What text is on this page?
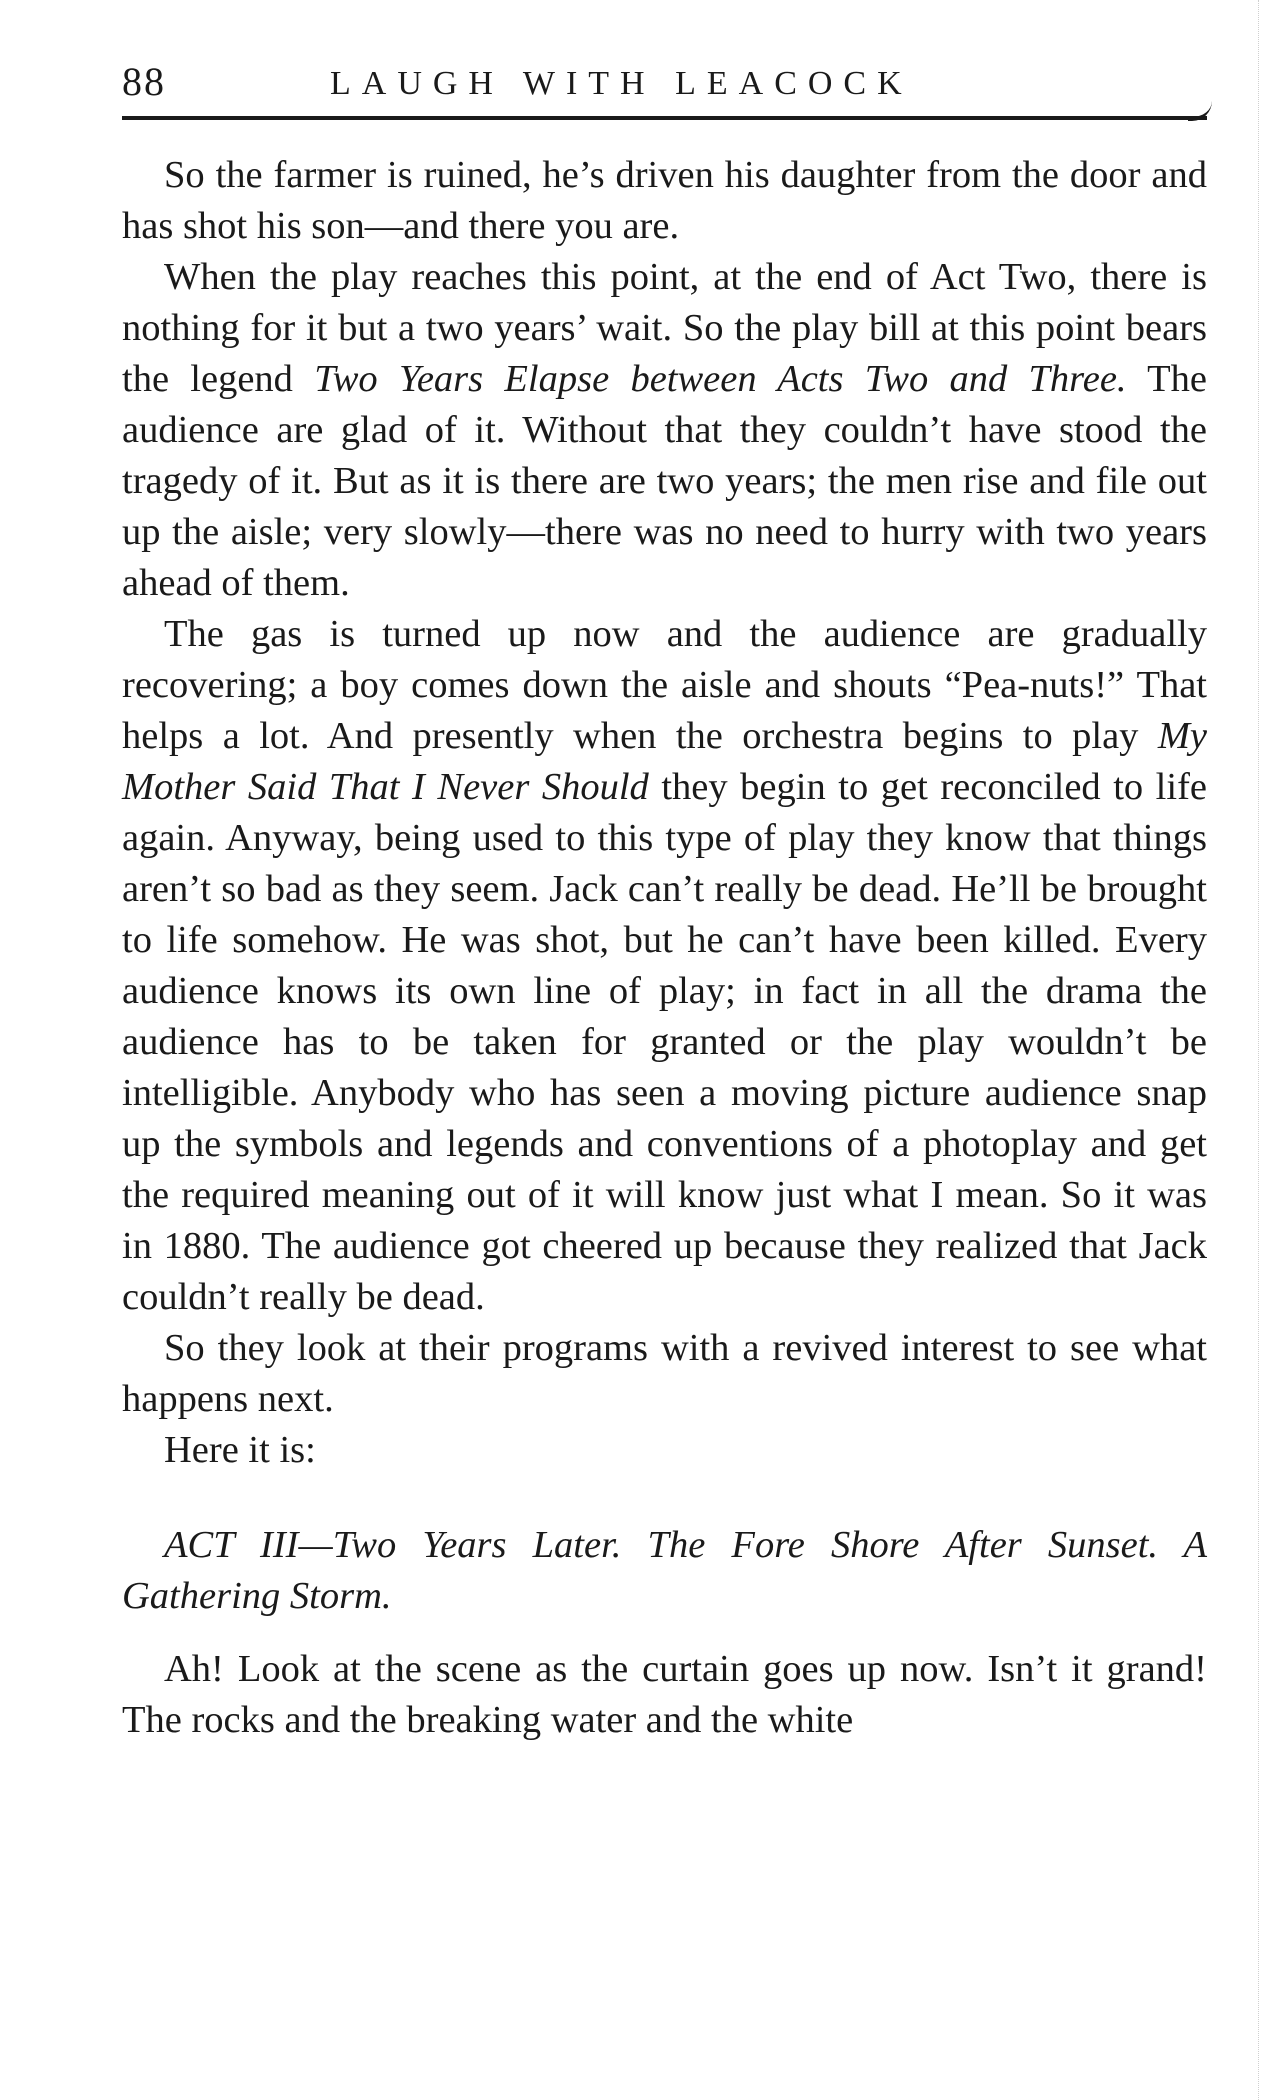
88	LAUGH WITH LEACOCK

So the farmer is ruined, he’s driven his daughter from the door and has shot his son—and there you are.

When the play reaches this point, at the end of Act Two, there is nothing for it but a two years’ wait. So the play bill at this point bears the legend Two Years Elapse between Acts Two and Three. The audience are glad of it. Without that they couldn’t have stood the tragedy of it. But as it is there are two years; the men rise and file out up the aisle; very slowly—there was no need to hurry with two years ahead of them.

The gas is turned up now and the audience are gradually recovering; a boy comes down the aisle and shouts “Pea-nuts!” That helps a lot. And presently when the orchestra begins to play My Mother Said That I Never Should they begin to get reconciled to life again. Anyway, being used to this type of play they know that things aren’t so bad as they seem. Jack can’t really be dead. He’ll be brought to life somehow. He was shot, but he can’t have been killed. Every audience knows its own line of play; in fact in all the drama the audience has to be taken for granted or the play wouldn’t be intelligible. Anybody who has seen a moving picture audience snap up the symbols and legends and conventions of a photoplay and get the required meaning out of it will know just what I mean. So it was in 1880. The audience got cheered up because they realized that Jack couldn’t really be dead.

So they look at their programs with a revived interest to see what happens next.

Here it is:

ACT III—Two Years Later. The Fore Shore After Sunset. A Gathering Storm.

Ah! Look at the scene as the curtain goes up now. Isn’t it grand! The rocks and the breaking water and the white
